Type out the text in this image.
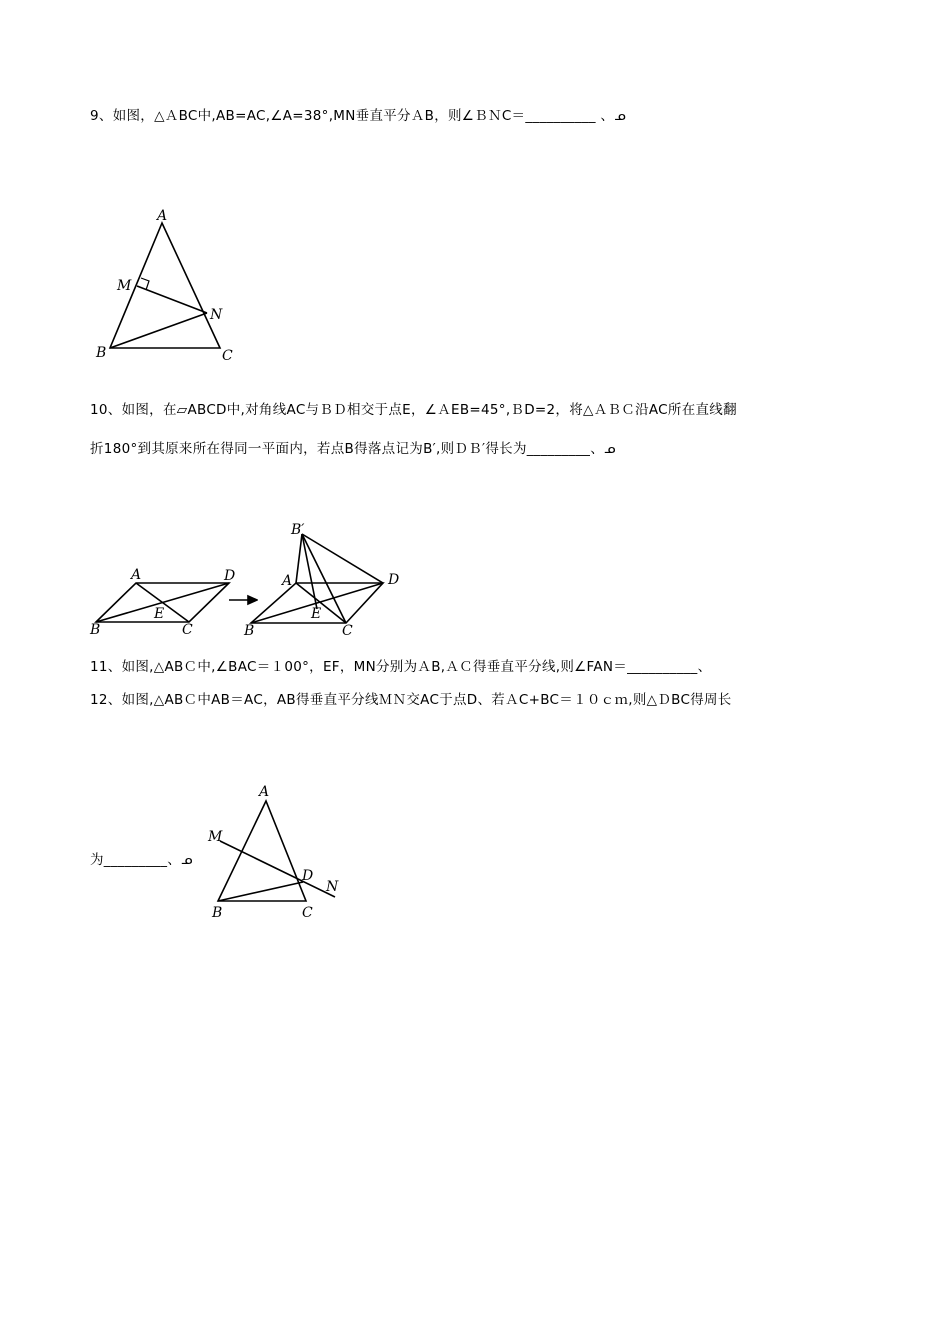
9、如图，△ＡBC中,AB=AC,∠A=38°,MN垂直平分ＡB，则∠ＢＮC＝__________ 、ᓄ
A
M
N
B	C
10、如图，在▱ABCD中,对角线AC与ＢＤ相交于点E，∠ＡEB=45°,ＢD=2，将△ＡＢＣ沿AC所在直线翻
折180°到其原来所在得同一平面内，若点B得落点记为B′,则ＤＢ′得长为_________、ᓄ
A	D
B
E
C
B′
A	D
B
E
C
11、如图,△ABＣ中,∠BAC＝１00°，EF，MN分别为ＡB,ＡＣ得垂直平分线,则∠FAN＝__________、
12、如图,△ABＣ中AB＝AC，AB得垂直平分线ＭＮ交AC于点D、若ＡC+BC＝１０ｃｍ,则△ＤBC得周长
为_________、ᓄ
A
M
D
N
B	C
